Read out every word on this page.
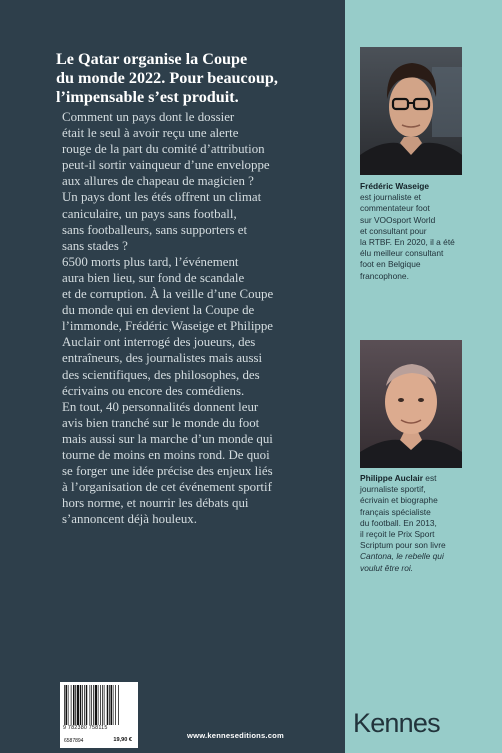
Le Qatar organise la Coupe
du monde 2022. Pour beaucoup,
l’impensable s’est produit.
Comment un pays dont le dossier
était le seul à avoir reçu une alerte
rouge de la part du comité d’attribution
peut-il sortir vainqueur d’une enveloppe
aux allures de chapeau de magicien ?
Un pays dont les étés offrent un climat
caniculaire, un pays sans football,
sans footballeurs, sans supporters et
sans stades ?
6500 morts plus tard, l’événement
aura bien lieu, sur fond de scandale
et de corruption. À la veille d’une Coupe
du monde qui en devient la Coupe de
l’immonde, Frédéric Waseige et Philippe
Auclair ont interrogé des joueurs, des
entraîneurs, des journalistes mais aussi
des scientifiques, des philosophes, des
écrivains ou encore des comédiens.
En tout, 40 personnalités donnent leur
avis bien tranché sur le monde du foot
mais aussi sur la marche d’un monde qui
tourne de moins en moins rond. De quoi
se forger une idée précise des enjeux liés
à l’organisation de cet événement sportif
hors norme, et nourrir les débats qui
s’annoncent déjà houleux.
Frédéric Waseige
est journaliste et
commentateur foot
sur VOOsport World
et consultant pour
la RTBF. En 2020, il a été
élu meilleur consultant
foot en Belgique
francophone.
Philippe Auclair est
journaliste sportif,
écrivain et biographe
français spécialiste
du football. En 2013,
il reçoit le Prix Sport
Scriptum pour son livre
Cantona, le rebelle qui
voulut être roi.
9 782380 758115
6587894	19,90 €	www.kenneseditions.com	Kennes
